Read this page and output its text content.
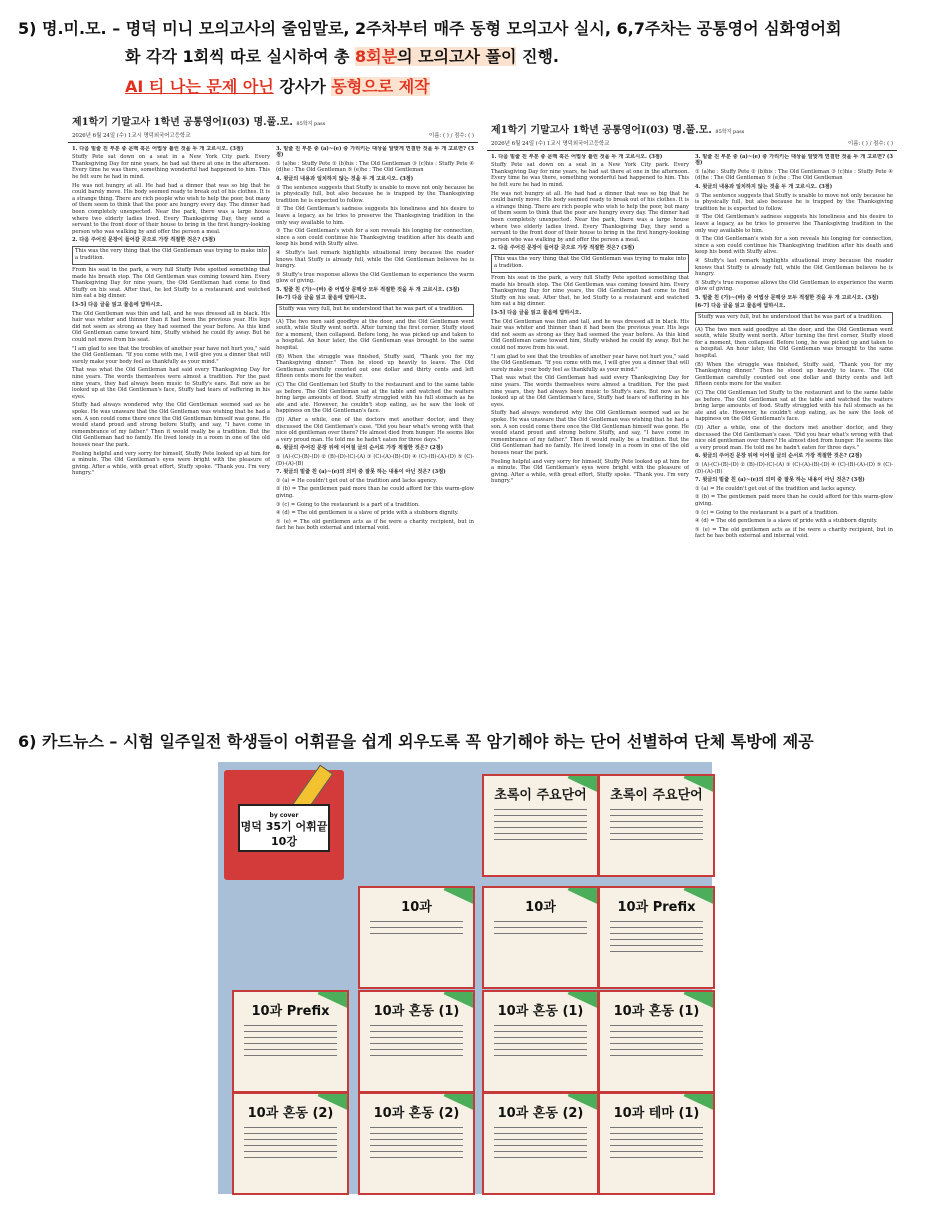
5) 명.미.모. – 명덕 미니 모의고사의 줄임말로, 2주차부터 매주 동형 모의고사 실시, 6,7주차는 공통영어 심화영어회
화 각각 1회씩 따로 실시하여 총 8회분의 모의고사 풀이 진행.
AI 티 나는 문제 아닌 강사가 동형으로 제작
제1학기 기말고사 1학년 공통영어Ⅰ(03) 명.풀.모. 85학지 pass
2026년 6월 24일 (수) 1교시 명덕외국어고등학교	이름: ( ) / 점수: ( )

1. 다음 밑줄 친 부분 중 문맥 혹은 어법상 틀린 것을 두 개 고르시오. (3점)

Stuffy Pete sat down on a seat in a New York City park. Every Thanksgiving Day for nine years, he had sat there at one in the afternoon. Every time he was there, something wonderful had happened to him. This he felt sure he had in mind.

He was not hungry at all. He had had a dinner that was so big that he could barely move. His body seemed ready to break out of his clothes. It is a strange thing. There are rich people who wish to help the poor, but many of them seem to think that the poor are hungry every day. The dinner had been completely unexpected. Near the park, there was a large house where two elderly ladies lived. Every Thanksgiving Day, they send a servant to the front door of their house to bring in the first hungry-looking person who was walking by and offer the person a meal.

2. 다음 주어진 문장이 들어갈 곳으로 가장 적절한 것은? (3점)

This was the very thing that the Old Gentleman was trying to make into a tradition.

From his seat in the park, a very full Stuffy Pete spotted something that made his breath stop. The Old Gentleman was coming toward him. Every Thanksgiving Day for nine years, the Old Gentleman had come to find Stuffy on his seat. After that, he led Stuffy to a restaurant and watched him eat a big dinner.

[3-5] 다음 글을 읽고 물음에 답하시오.

The Old Gentleman was thin and tall, and he was dressed all in black. His hair was whiter and thinner than it had been the previous year. His legs did not seem as strong as they had seemed the year before. As this kind Old Gentleman came toward him, Stuffy wished he could fly away. But he could not move from his seat.

"I am glad to see that the troubles of another year have not hurt you," said the Old Gentleman. "If you come with me, I will give you a dinner that will surely make your body feel as thankfully as your mind."

That was what the Old Gentleman had said every Thanksgiving Day for nine years. The words themselves were almost a tradition. For the past nine years, they had always been music to Stuffy's ears. But now as he looked up at the Old Gentleman's face, Stuffy had tears of suffering in his eyes.

Stuffy had always wondered why the Old Gentleman seemed sad as he spoke. He was unaware that the Old Gentleman was wishing that he had a son. A son could come there once the Old Gentleman himself was gone. He would stand proud and strong before Stuffy, and say, "I have come in remembrance of my father." Then it would really be a tradition. But the Old Gentleman had no family. He lived lonely in a room in one of the old houses near the park.

Feeling helpful and very sorry for himself, Stuffy Pete looked up at him for a minute. The Old Gentleman's eyes were bright with the pleasure of giving. After a while, with great effort, Stuffy spoke. "Thank you. I'm very hungry."

3. 밑줄 친 부분 중 (a)~(e) 중 가리키는 대상을 알맞게 연결한 것을 두 개 고르면? (3점)

① (a)he : Stuffy Pete ② (b)his : The Old Gentleman ③ (c)his : Stuffy Pete ④ (d)he : The Old Gentleman ⑤ (e)he : The Old Gentleman

4. 윗글의 내용과 일치하지 않는 것을 두 개 고르시오. (3점)

① The sentence suggests that Stuffy is unable to move not only because he is physically full, but also because he is trapped by the Thanksgiving tradition he is expected to follow.

② The Old Gentleman's sadness suggests his loneliness and his desire to leave a legacy, as he tries to preserve the Thanksgiving tradition in the only way available to him.

③ The Old Gentleman's wish for a son reveals his longing for connection, since a son could continue his Thanksgiving tradition after his death and keep his bond with Stuffy alive.

④ Stuffy's last remark highlights situational irony because the reader knows that Stuffy is already full, while the Old Gentleman believes he is hungry.

⑤ Stuffy's true response allows the Old Gentleman to experience the warm glow of giving.

5. 밑줄 친 (가)~(바) 중 어법상 문맥상 모두 적절한 것을 두 개 고르시오. (3점)

[6-7] 다음 글을 읽고 물음에 답하시오.

Stuffy was very full, but he understood that he was part of a tradition.

(A) The two men said goodbye at the door, and the Old Gentleman went south, while Stuffy went north. After turning the first corner, Stuffy stood for a moment, then collapsed. Before long, he was picked up and taken to a hospital. An hour later, the Old Gentleman was brought to the same hospital.

(B) When the struggle was finished, Stuffy said, "Thank you for my Thanksgiving dinner." Then he stood up heavily to leave. The Old Gentleman carefully counted out one dollar and thirty cents and left fifteen cents more for the waiter.

(C) The Old Gentleman led Stuffy to the restaurant and to the same table as before. The Old Gentleman sat at the table and watched the waiters bring large amounts of food. Stuffy struggled with his full stomach as he ate and ate. However, he couldn't stop eating, as he saw the look of happiness on the Old Gentleman's face.

(D) After a while, one of the doctors met another doctor, and they discussed the Old Gentleman's case. "Did you hear what's wrong with that nice old gentleman over there? He almost died from hunger. He seems like a very proud man. He told me he hadn't eaten for three days."

6. 윗글의 주어진 문장 뒤에 이어질 글의 순서로 가장 적절한 것은? (2점)

① (A)-(C)-(B)-(D) ② (B)-(D)-(C)-(A) ③ (C)-(A)-(B)-(D) ④ (C)-(B)-(A)-(D) ⑤ (C)-(D)-(A)-(B)

7. 윗글의 밑줄 친 (a)~(e)의 의미 중 잘못 하는 내용이 아닌 것은? (3점)

① (a) = He couldn't get out of the tradition and lacks agency.

② (b) = The gentlemen paid more than he could afford for this warm-glow giving.

③ (c) = Going to the restaurant is a part of a tradition.

④ (d) = The old gentlemen is a slave of pride with a stubborn dignity.

⑤ (e) = The old gentlemen acts as if he were a charity recipient, but in fact he has both external and internal void.

제1학기 기말고사 1학년 공통영어Ⅰ(03) 명.풀.모. 85학지 pass
2026년 6월 24일 (수) 1교시 명덕외국어고등학교	이름: ( ) / 점수: ( )

1. 다음 밑줄 친 부분 중 문맥 혹은 어법상 틀린 것을 두 개 고르시오. (3점)

Stuffy Pete sat down on a seat in a New York City park. Every Thanksgiving Day for nine years, he had sat there at one in the afternoon. Every time he was there, something wonderful had happened to him. This he felt sure he had in mind.

He was not hungry at all. He had had a dinner that was so big that he could barely move. His body seemed ready to break out of his clothes. It is a strange thing. There are rich people who wish to help the poor, but many of them seem to think that the poor are hungry every day. The dinner had been completely unexpected. Near the park, there was a large house where two elderly ladies lived. Every Thanksgiving Day, they send a servant to the front door of their house to bring in the first hungry-looking person who was walking by and offer the person a meal.

2. 다음 주어진 문장이 들어갈 곳으로 가장 적절한 것은? (3점)

This was the very thing that the Old Gentleman was trying to make into a tradition.

From his seat in the park, a very full Stuffy Pete spotted something that made his breath stop. The Old Gentleman was coming toward him. Every Thanksgiving Day for nine years, the Old Gentleman had come to find Stuffy on his seat. After that, he led Stuffy to a restaurant and watched him eat a big dinner.

[3-5] 다음 글을 읽고 물음에 답하시오.

The Old Gentleman was thin and tall, and he was dressed all in black. His hair was whiter and thinner than it had been the previous year. His legs did not seem as strong as they had seemed the year before. As this kind Old Gentleman came toward him, Stuffy wished he could fly away. But he could not move from his seat.

"I am glad to see that the troubles of another year have not hurt you," said the Old Gentleman. "If you come with me, I will give you a dinner that will surely make your body feel as thankfully as your mind."

That was what the Old Gentleman had said every Thanksgiving Day for nine years. The words themselves were almost a tradition. For the past nine years, they had always been music to Stuffy's ears. But now as he looked up at the Old Gentleman's face, Stuffy had tears of suffering in his eyes.

Stuffy had always wondered why the Old Gentleman seemed sad as he spoke. He was unaware that the Old Gentleman was wishing that he had a son. A son could come there once the Old Gentleman himself was gone. He would stand proud and strong before Stuffy, and say, "I have come in remembrance of my father." Then it would really be a tradition. But the Old Gentleman had no family. He lived lonely in a room in one of the old houses near the park.

Feeling helpful and very sorry for himself, Stuffy Pete looked up at him for a minute. The Old Gentleman's eyes were bright with the pleasure of giving. After a while, with great effort, Stuffy spoke. "Thank you. I'm very hungry."

3. 밑줄 친 부분 중 (a)~(e) 중 가리키는 대상을 알맞게 연결한 것을 두 개 고르면? (3점)

① (a)he : Stuffy Pete ② (b)his : The Old Gentleman ③ (c)his : Stuffy Pete ④ (d)he : The Old Gentleman ⑤ (e)he : The Old Gentleman

4. 윗글의 내용과 일치하지 않는 것을 두 개 고르시오. (3점)

① The sentence suggests that Stuffy is unable to move not only because he is physically full, but also because he is trapped by the Thanksgiving tradition he is expected to follow.

② The Old Gentleman's sadness suggests his loneliness and his desire to leave a legacy, as he tries to preserve the Thanksgiving tradition in the only way available to him.

③ The Old Gentleman's wish for a son reveals his longing for connection, since a son could continue his Thanksgiving tradition after his death and keep his bond with Stuffy alive.

④ Stuffy's last remark highlights situational irony because the reader knows that Stuffy is already full, while the Old Gentleman believes he is hungry.

⑤ Stuffy's true response allows the Old Gentleman to experience the warm glow of giving.

5. 밑줄 친 (가)~(바) 중 어법상 문맥상 모두 적절한 것을 두 개 고르시오. (3점)

[6-7] 다음 글을 읽고 물음에 답하시오.

Stuffy was very full, but he understood that he was part of a tradition.

(A) The two men said goodbye at the door, and the Old Gentleman went south, while Stuffy went north. After turning the first corner, Stuffy stood for a moment, then collapsed. Before long, he was picked up and taken to a hospital. An hour later, the Old Gentleman was brought to the same hospital.

(B) When the struggle was finished, Stuffy said, "Thank you for my Thanksgiving dinner." Then he stood up heavily to leave. The Old Gentleman carefully counted out one dollar and thirty cents and left fifteen cents more for the waiter.

(C) The Old Gentleman led Stuffy to the restaurant and to the same table as before. The Old Gentleman sat at the table and watched the waiters bring large amounts of food. Stuffy struggled with his full stomach as he ate and ate. However, he couldn't stop eating, as he saw the look of happiness on the Old Gentleman's face.

(D) After a while, one of the doctors met another doctor, and they discussed the Old Gentleman's case. "Did you hear what's wrong with that nice old gentleman over there? He almost died from hunger. He seems like a very proud man. He told me he hadn't eaten for three days."

6. 윗글의 주어진 문장 뒤에 이어질 글의 순서로 가장 적절한 것은? (2점)

① (A)-(C)-(B)-(D) ② (B)-(D)-(C)-(A) ③ (C)-(A)-(B)-(D) ④ (C)-(B)-(A)-(D) ⑤ (C)-(D)-(A)-(B)

7. 윗글의 밑줄 친 (a)~(e)의 의미 중 잘못 하는 내용이 아닌 것은? (3점)

① (a) = He couldn't get out of the tradition and lacks agency.

② (b) = The gentlemen paid more than he could afford for this warm-glow giving.

③ (c) = Going to the restaurant is a part of a tradition.

④ (d) = The old gentlemen is a slave of pride with a stubborn dignity.

⑤ (e) = The old gentlemen acts as if he were a charity recipient, but in fact he has both external and internal void.

6) 카드뉴스 – 시험 일주일전 학생들이 어휘끝을 쉽게 외우도록 꼭 암기해야 하는 단어 선별하여 단체 톡방에 제공
by cover
명덕 35기 어휘끝 10강
초록이 주요단어	초록이 주요단어
10과
10과	10과 Prefix
10과 Prefix	10과 혼동 (1)	10과 혼동 (1)
10과 혼동 (2)	10과 혼동 (2)	10과 테마 (1)
10과 혼동 (1)
10과 혼동 (2)
